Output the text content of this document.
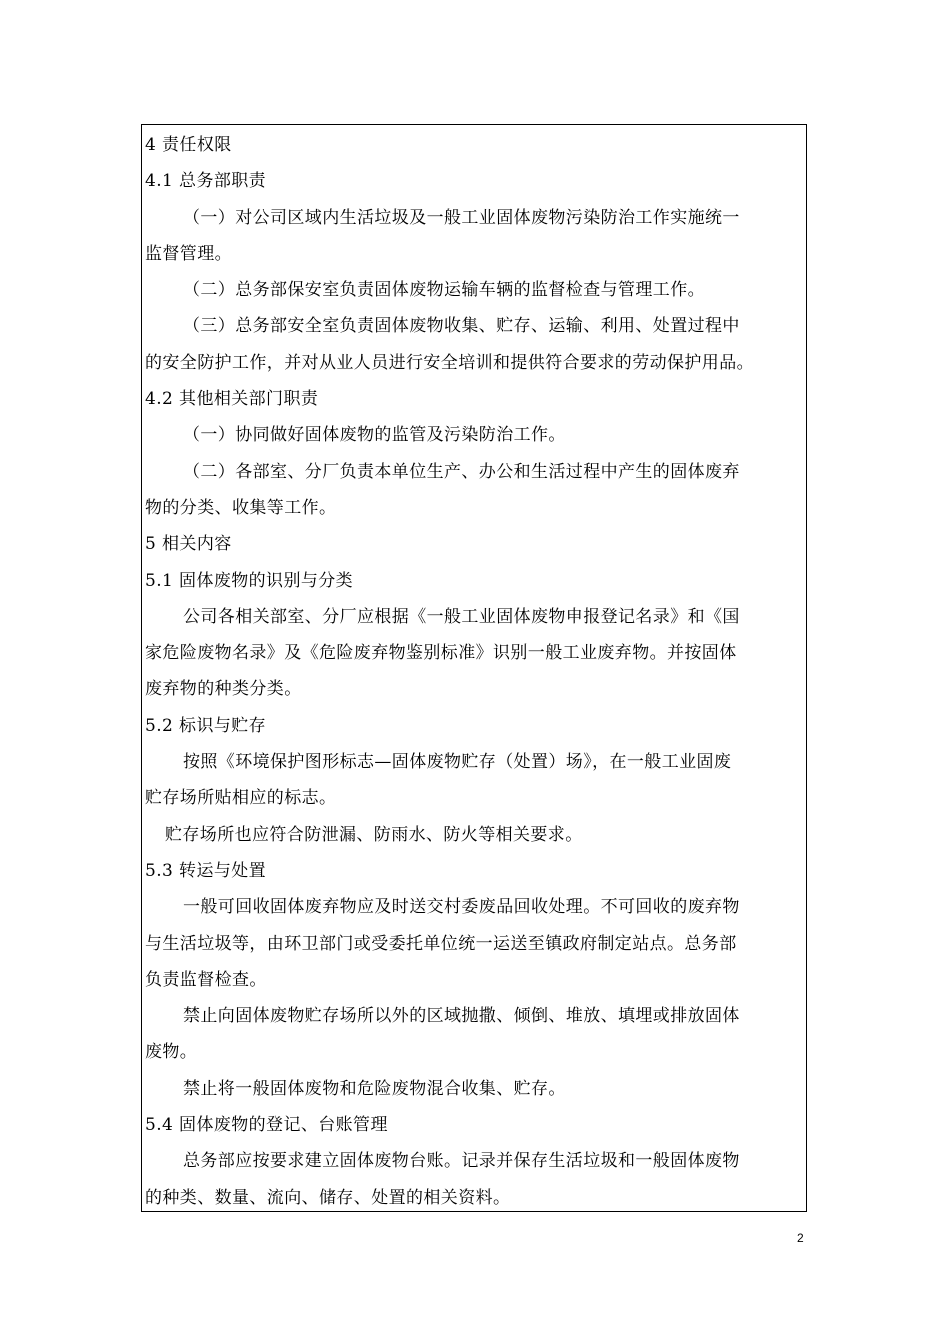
4 责任权限
4.1 总务部职责
（一）对公司区域内生活垃圾及一般工业固体废物污染防治工作实施统一
监督管理。
（二）总务部保安室负责固体废物运输车辆的监督检查与管理工作。
（三）总务部安全室负责固体废物收集、贮存、运输、利用、处置过程中
的安全防护工作，并对从业人员进行安全培训和提供符合要求的劳动保护用品。
4.2 其他相关部门职责
（一）协同做好固体废物的监管及污染防治工作。
（二）各部室、分厂负责本单位生产、办公和生活过程中产生的固体废弃
物的分类、收集等工作。
5 相关内容
5.1 固体废物的识别与分类
公司各相关部室、分厂应根据《一般工业固体废物申报登记名录》和《国
家危险废物名录》及《危险废弃物鉴别标准》识别一般工业废弃物。并按固体
废弃物的种类分类。
5.2 标识与贮存
按照《环境保护图形标志—固体废物贮存（处置）场》，在一般工业固废
贮存场所贴相应的标志。
贮存场所也应符合防泄漏、防雨水、防火等相关要求。
5.3 转运与处置
一般可回收固体废弃物应及时送交村委废品回收处理。不可回收的废弃物
与生活垃圾等，由环卫部门或受委托单位统一运送至镇政府制定站点。总务部
负责监督检查。
禁止向固体废物贮存场所以外的区域抛撒、倾倒、堆放、填埋或排放固体
废物。
禁止将一般固体废物和危险废物混合收集、贮存。
5.4 固体废物的登记、台账管理
总务部应按要求建立固体废物台账。记录并保存生活垃圾和一般固体废物
的种类、数量、流向、储存、处置的相关资料。
2
